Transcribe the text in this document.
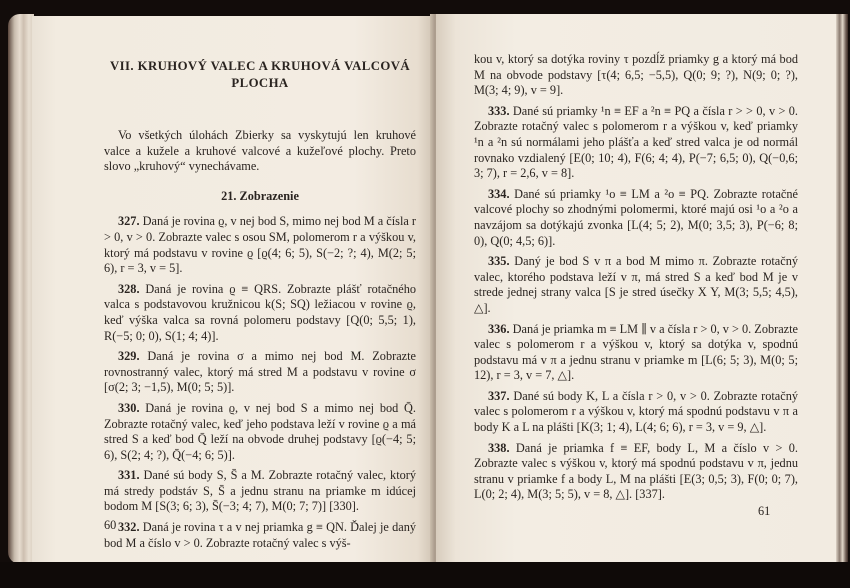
VII. KRUHOVÝ VALEC A KRUHOVÁ VALCOVÁ PLOCHA

Vo všetkých úlohách Zbierky sa vyskytujú len kruhové valce a kužele a kruhové valcové a kužeľové plochy. Preto slovo „kruhový“ vynechávame.

21. Zobrazenie

327. Daná je rovina ϱ, v nej bod S, mimo nej bod M a čísla r > 0, v > 0. Zobrazte valec s osou SM, polomerom r a výškou v, ktorý má podstavu v rovine ϱ [ϱ(4; 6; 5), S(−2; ?; 4), M(2; 5; 6), r = 3, v = 5].

328. Daná je rovina ϱ ≡ QRS. Zobrazte plášť rotačného valca s podstavovou kružnicou k(S; SQ) ležiacou v rovine ϱ, keď výška valca sa rovná polomeru podstavy [Q(0; 5,5; 1), R(−5; 0; 0), S(1; 4; 4)].

329. Daná je rovina σ a mimo nej bod M. Zobrazte rovnostranný valec, ktorý má stred M a podstavu v rovine σ [σ(2; 3; −1,5), M(0; 5; 5)].

330. Daná je rovina ϱ, v nej bod S a mimo nej bod Q̄. Zobrazte rotačný valec, keď jeho podstava leží v rovine ϱ a má stred S a keď bod Q̄ leží na obvode druhej podstavy [ϱ(−4; 5; 6), S(2; 4; ?), Q̄(−4; 6; 5)].

331. Dané sú body S, S̄ a M. Zobrazte rotačný valec, ktorý má stredy podstáv S, S̄ a jednu stranu na priamke m idúcej bodom M [S(3; 6; 3), S̄(−3; 4; 7), M(0; 7; 7)] [330].

332. Daná je rovina τ a v nej priamka g ≡ QN. Ďalej je daný bod M a číslo v > 0. Zobrazte rotačný valec s výš-

60

kou v, ktorý sa dotýka roviny τ pozdĺž priamky g a ktorý má bod M na obvode podstavy [τ(4; 6,5; −5,5), Q(0; 9; ?), N(9; 0; ?), M(3; 4; 9), v = 9].

333. Dané sú priamky ¹n ≡ EF a ²n ≡ PQ a čísla r > > 0, v > 0. Zobrazte rotačný valec s polomerom r a výškou v, keď priamky ¹n a ²n sú normálami jeho plášťa a keď stred valca je od normál rovnako vzdialený [E(0; 10; 4), F(6; 4; 4), P(−7; 6,5; 0), Q(−0,6; 3; 7), r = 2,6, v = 8].

334. Dané sú priamky ¹o ≡ LM a ²o ≡ PQ. Zobrazte rotačné valcové plochy so zhodnými polomermi, ktoré majú osi ¹o a ²o a navzájom sa dotýkajú zvonka [L(4; 5; 2), M(0; 3,5; 3), P(−6; 8; 0), Q(0; 4,5; 6)].

335. Daný je bod S v π a bod M mimo π. Zobrazte rotačný valec, ktorého podstava leží v π, má stred S a keď bod M je v strede jednej strany valca [S je stred úsečky X Y, M(3; 5,5; 4,5), △].

336. Daná je priamka m ≡ LM ∥ v a čísla r > 0, v > 0. Zobrazte valec s polomerom r a výškou v, ktorý sa dotýka v, spodnú podstavu má v π a jednu stranu v priamke m [L(6; 5; 3), M(0; 5; 12), r = 3, v = 7, △].

337. Dané sú body K, L a čísla r > 0, v > 0. Zobrazte rotačný valec s polomerom r a výškou v, ktorý má spodnú podstavu v π a body K a L na plášti [K(3; 1; 4), L(4; 6; 6), r = 3, v = 9, △].

338. Daná je priamka f ≡ EF, body L, M a číslo v > 0. Zobrazte valec s výškou v, ktorý má spodnú podstavu v π, jednu stranu v priamke f a body L, M na plášti [E(3; 0,5; 3), F(0; 0; 7), L(0; 2; 4), M(3; 5; 5), v = 8, △]. [337].

61
